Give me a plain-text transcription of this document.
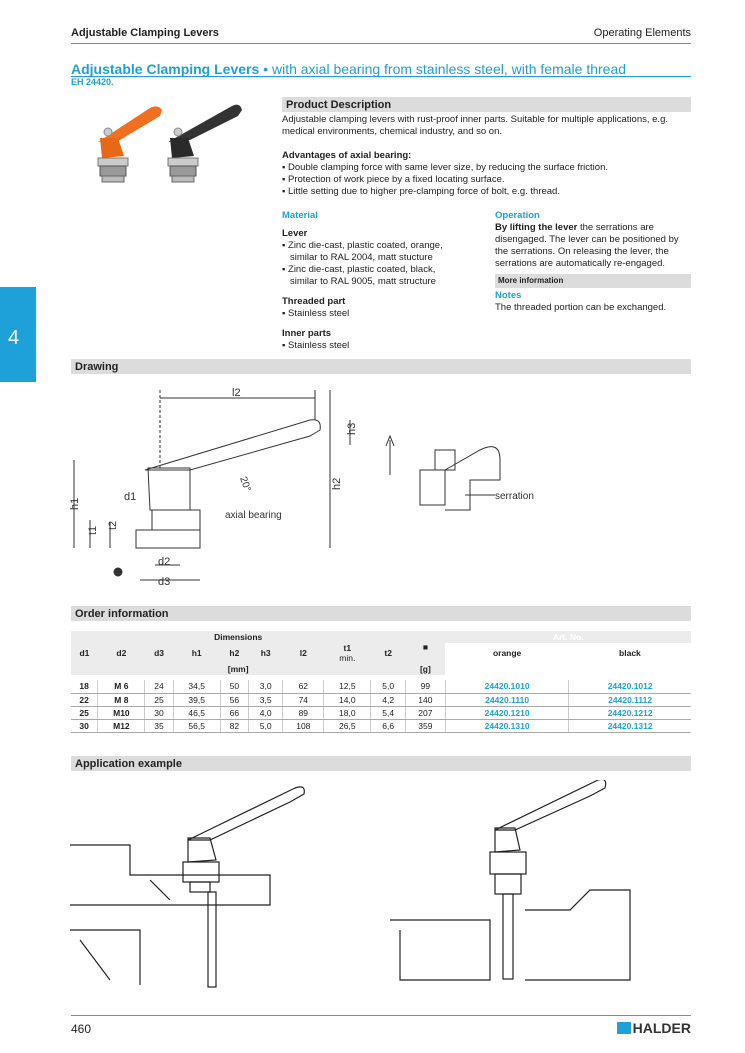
Adjustable Clamping Levers	Operating Elements
Adjustable Clamping Levers • with axial bearing from stainless steel, with female thread
EH 24420.
4
Product Description
Adjustable clamping levers with rust-proof inner parts. Suitable for multiple applications, e.g. medical environments, chemical industry, and so on.
Advantages of axial bearing:
▪ Double clamping force with same lever size, by reducing the surface friction.
▪ Protection of work piece by a fixed locating surface.
▪ Little setting due to higher pre-clamping force of bolt, e.g. thread.
Material
Lever
▪ Zinc die-cast, plastic coated, orange, similar to RAL 2004, matt stucture
▪ Zinc die-cast, plastic coated, black, similar to RAL 9005, matt structure
Threaded part
▪ Stainless steel
Inner parts
▪ Stainless steel
Operation
By lifting the lever the serrations are disengaged. The lever can be positioned by the serrations. On releasing the lever, the serrations are automatically re-engaged.
More information
Notes
The threaded portion can be exchanged.
Drawing
l2
h3
h2
h1
d1
t1
t2
d2
d3
20°
axial bearing
serration
Order information
Dimensions									■	Art. No.	
d1	d2	d3	h1	h2	h3	l2	t1
min.	t2		orange	black
[mm]									[g]		

18	M 6	24	34,5	50	3,0	62	12,5	5,0	99	24420.1010	24420.1012
22	M 8	25	39,5	56	3,5	74	14,0	4,2	140	24420.1110	24420.1112
25	M10	30	46,5	66	4,0	89	18,0	5,4	207	24420.1210	24420.1212
30	M12	35	56,5	82	5,0	108	26,5	6,6	359	24420.1310	24420.1312
Application example
460	HALDER
